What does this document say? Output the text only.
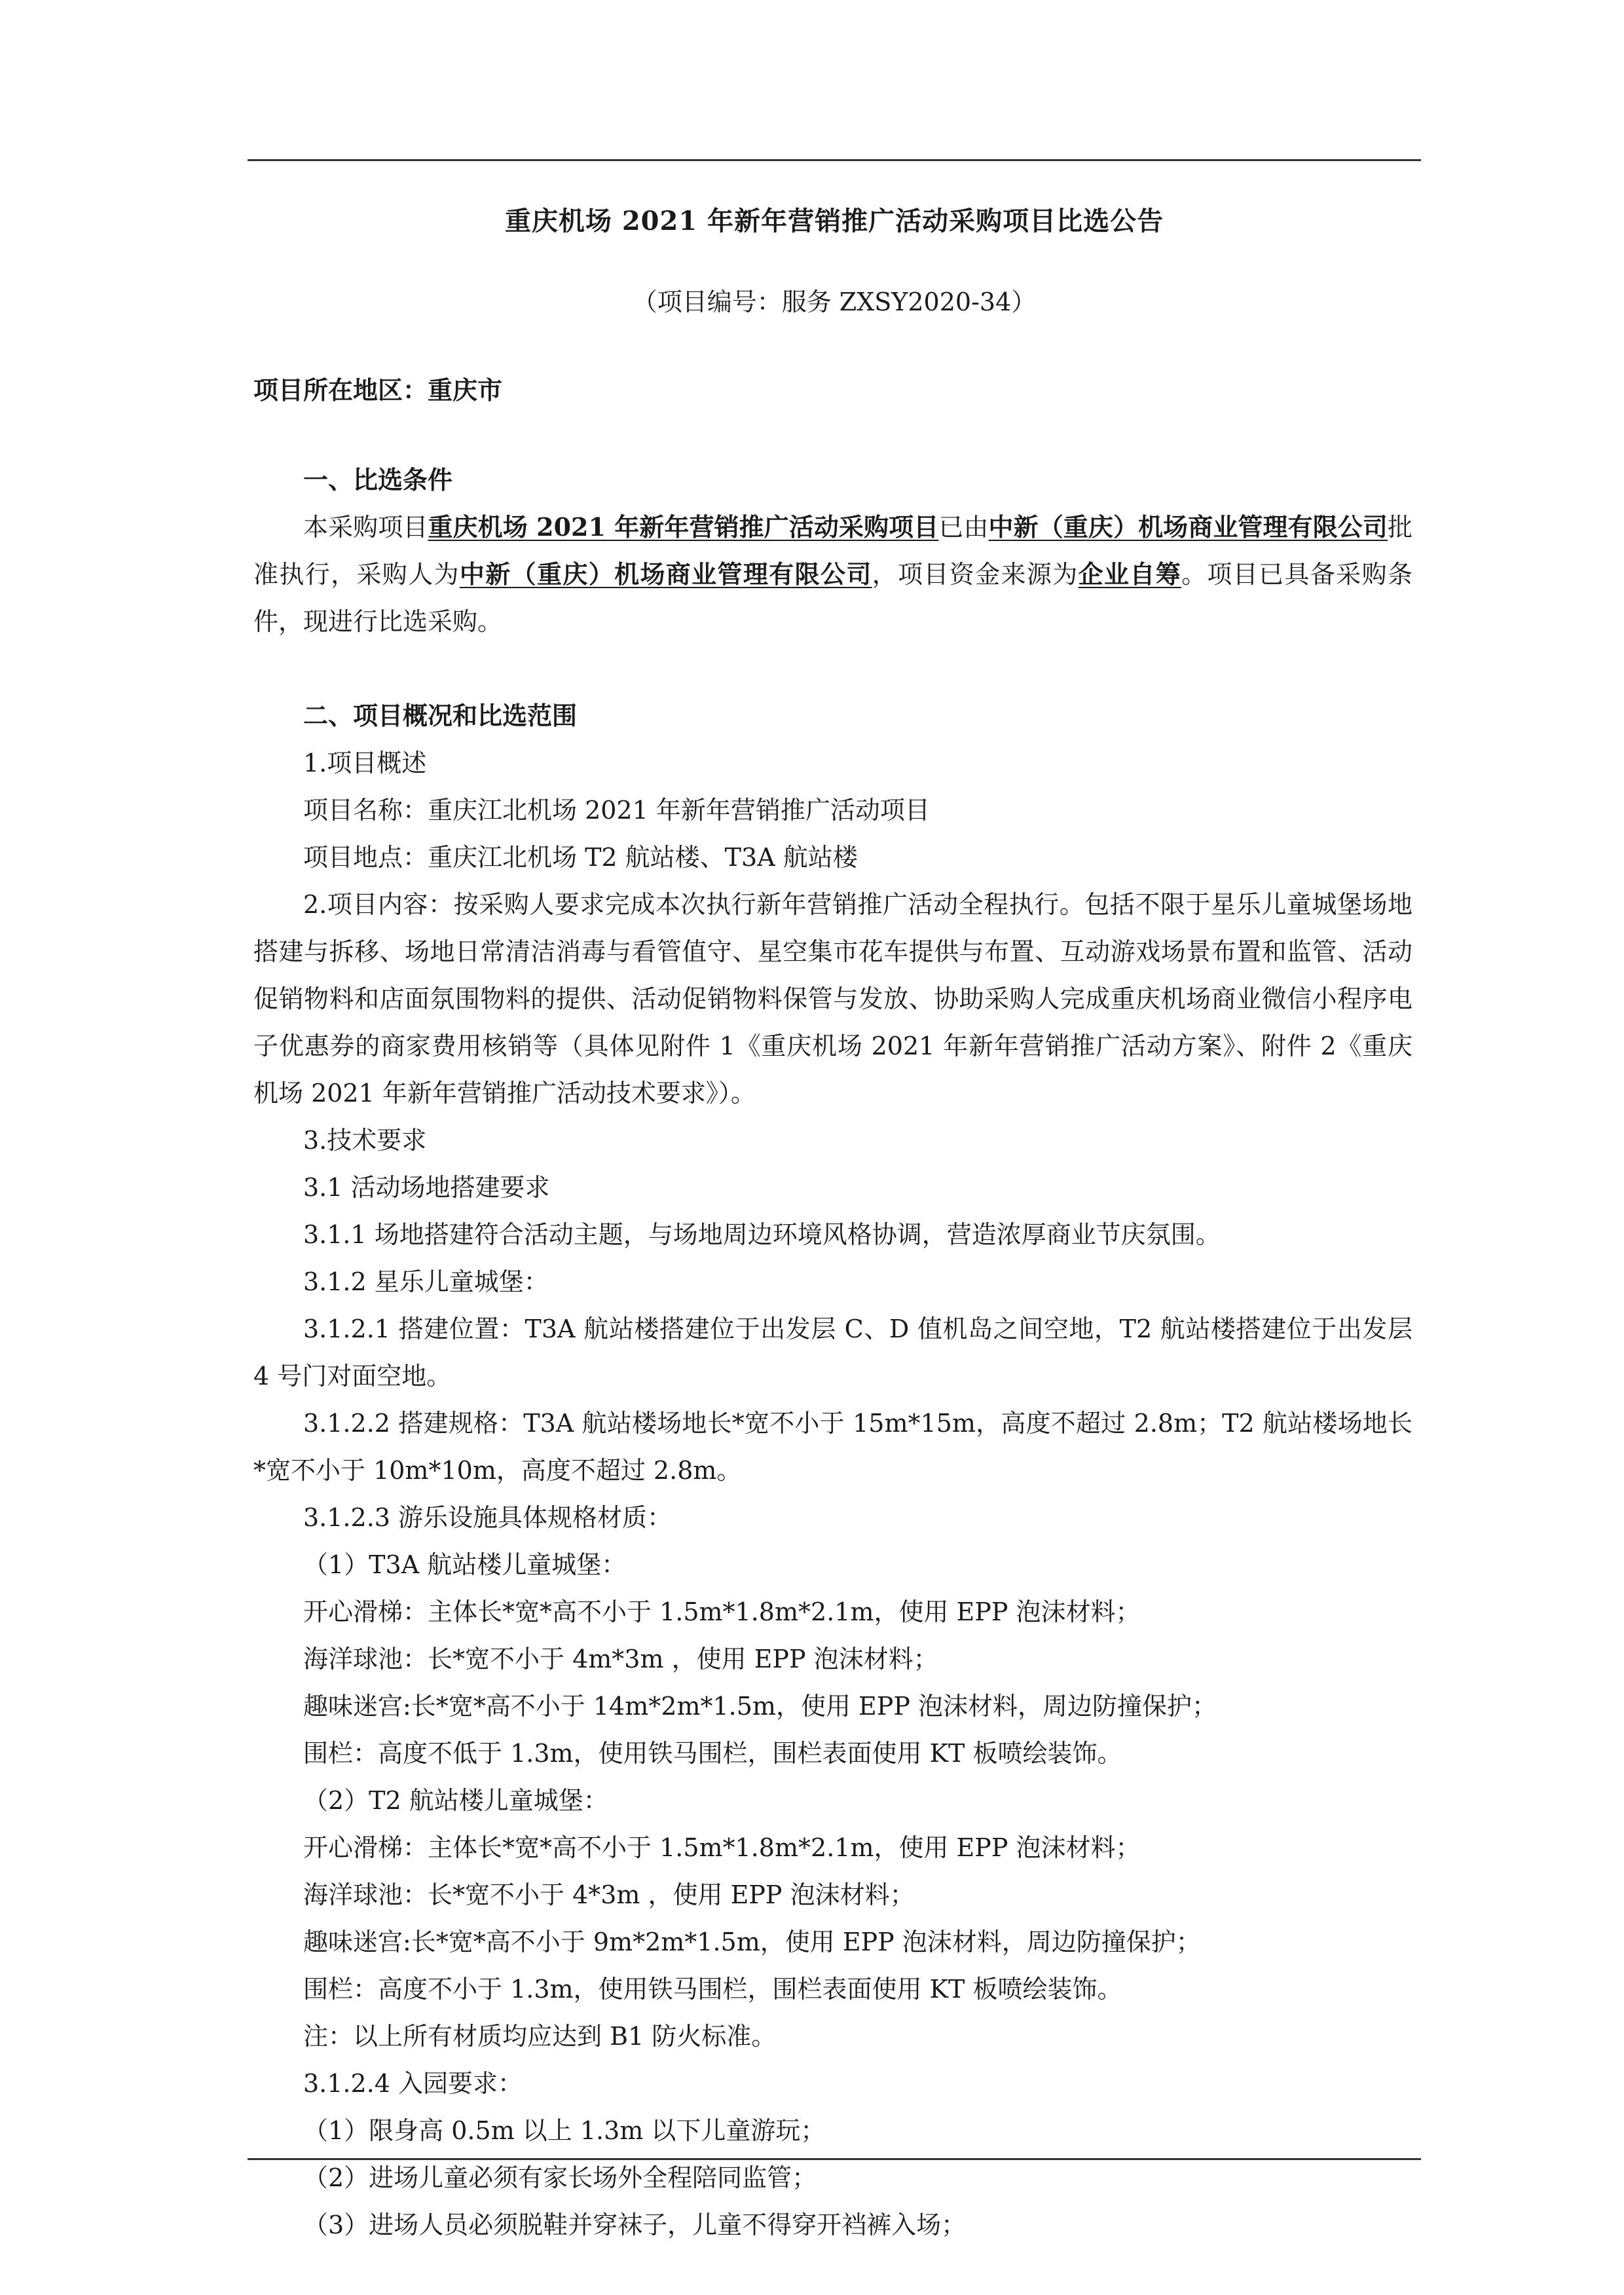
重庆机场 2021 年新年营销推广活动采购项目比选公告
（项目编号：服务 ZXSY2020-34）
项目所在地区：重庆市

一、比选条件

本采购项目重庆机场 2021 年新年营销推广活动采购项目已由中新（重庆）机场商业管理有限公司批准执行，采购人为中新（重庆）机场商业管理有限公司，项目资金来源为企业自筹。项目已具备采购条件，现进行比选采购。

二、项目概况和比选范围

1.项目概述

项目名称：重庆江北机场 2021 年新年营销推广活动项目

项目地点：重庆江北机场 T2 航站楼、T3A 航站楼

2.项目内容：按采购人要求完成本次执行新年营销推广活动全程执行。包括不限于星乐儿童城堡场地搭建与拆移、场地日常清洁消毒与看管值守、星空集市花车提供与布置、互动游戏场景布置和监管、活动促销物料和店面氛围物料的提供、活动促销物料保管与发放、协助采购人完成重庆机场商业微信小程序电子优惠券的商家费用核销等（具体见附件 1《重庆机场 2021 年新年营销推广活动方案》、附件 2《重庆机场 2021 年新年营销推广活动技术要求》）。

3.技术要求

3.1 活动场地搭建要求

3.1.1 场地搭建符合活动主题，与场地周边环境风格协调，营造浓厚商业节庆氛围。

3.1.2 星乐儿童城堡：

3.1.2.1 搭建位置：T3A 航站楼搭建位于出发层 C、D 值机岛之间空地，T2 航站楼搭建位于出发层 4 号门对面空地。

3.1.2.2 搭建规格：T3A 航站楼场地长*宽不小于 15m*15m，高度不超过 2.8m；T2 航站楼场地长*宽不小于 10m*10m，高度不超过 2.8m。

3.1.2.3 游乐设施具体规格材质：

（1）T3A 航站楼儿童城堡：

开心滑梯：主体长*宽*高不小于 1.5m*1.8m*2.1m，使用 EPP 泡沫材料；

海洋球池：长*宽不小于 4m*3m ，使用 EPP 泡沫材料；

趣味迷宫:长*宽*高不小于 14m*2m*1.5m，使用 EPP 泡沫材料，周边防撞保护；

围栏：高度不低于 1.3m，使用铁马围栏，围栏表面使用 KT 板喷绘装饰。

（2）T2 航站楼儿童城堡：

开心滑梯：主体长*宽*高不小于 1.5m*1.8m*2.1m，使用 EPP 泡沫材料；

海洋球池：长*宽不小于 4*3m ，使用 EPP 泡沫材料；

趣味迷宫:长*宽*高不小于 9m*2m*1.5m，使用 EPP 泡沫材料，周边防撞保护；

围栏：高度不小于 1.3m，使用铁马围栏，围栏表面使用 KT 板喷绘装饰。

注：以上所有材质均应达到 B1 防火标准。

3.1.2.4 入园要求：

（1）限身高 0.5m 以上 1.3m 以下儿童游玩；

（2）进场儿童必须有家长场外全程陪同监管；

（3）进场人员必须脱鞋并穿袜子，儿童不得穿开裆裤入场；
